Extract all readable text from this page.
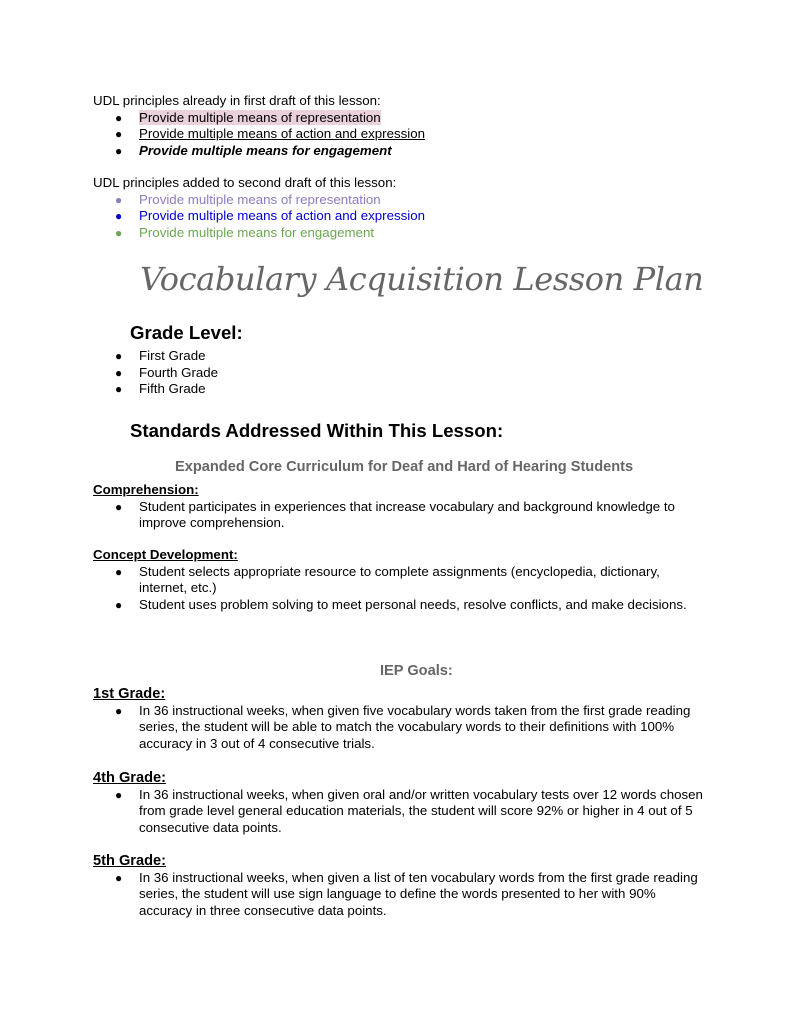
UDL principles already in first draft of this lesson:
● Provide multiple means of representation
● Provide multiple means of action and expression
● Provide multiple means for engagement
UDL principles added to second draft of this lesson:
● Provide multiple means of representation
● Provide multiple means of action and expression
● Provide multiple means for engagement
Vocabulary Acquisition Lesson Plan
Grade Level:
● First Grade
● Fourth Grade
● Fifth Grade
Standards Addressed Within This Lesson:
Expanded Core Curriculum for Deaf and Hard of Hearing Students
Comprehension:
● Student participates in experiences that increase vocabulary and background knowledge to improve comprehension.
Concept Development:
● Student selects appropriate resource to complete assignments (encyclopedia, dictionary, internet, etc.)
● Student uses problem solving to meet personal needs, resolve conflicts, and make decisions.
IEP Goals:
1st Grade:
● In 36 instructional weeks, when given five vocabulary words taken from the first grade reading series, the student will be able to match the vocabulary words to their definitions with 100% accuracy in 3 out of 4 consecutive trials.
4th Grade:
● In 36 instructional weeks, when given oral and/or written vocabulary tests over 12 words chosen from grade level general education materials, the student will score 92% or higher in 4 out of 5 consecutive data points.
5th Grade:
● In 36 instructional weeks, when given a list of ten vocabulary words from the first grade reading series, the student will use sign language to define the words presented to her with 90% accuracy in three consecutive data points.
